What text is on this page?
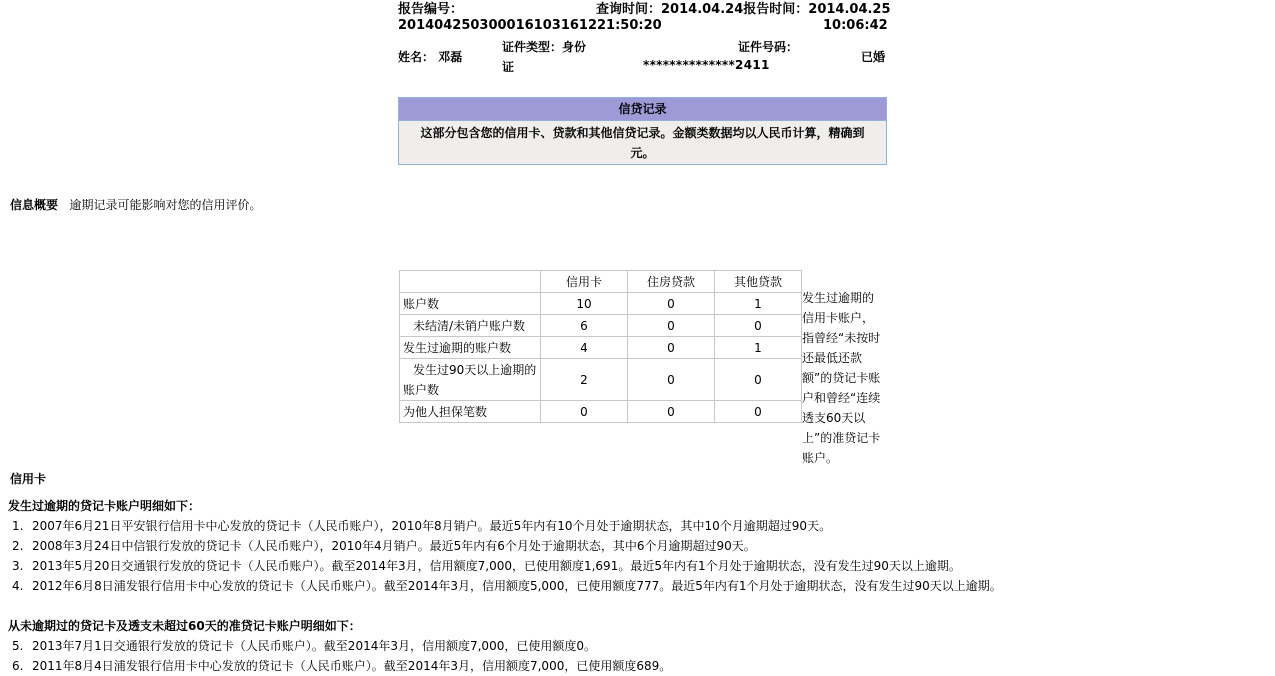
报告编号：	查询时间：2014.04.24报告时间：2014.04.25
201404250300016103161221:50:20	10:06:42
姓名： 邓磊
证件类型：身份
证
证件号码：
**************2411
已婚
信贷记录
这部分包含您的信用卡、贷款和其他信贷记录。金额类数据均以人民币计算，精确到
元。
信息概要 逾期记录可能影响对您的信用评价。
	信用卡	住房贷款	其他贷款
账户数	10	0	1
未结清/未销户账户数	6	0	0
发生过逾期的账户数	4	0	1

发生过90天以上逾期的
账户数	2	0	0
为他人担保笔数	0	0	0
发生过逾期的信用卡账户，指曾经“未按时还最低还款额”的贷记卡账户和曾经“连续透支60天以上”的准贷记卡账户。
信用卡
发生过逾期的贷记卡账户明细如下：
1. 2007年6月21日平安银行信用卡中心发放的贷记卡（人民币账户），2010年8月销户。最近5年内有10个月处于逾期状态，其中10个月逾期超过90天。
2. 2008年3月24日中信银行发放的贷记卡（人民币账户），2010年4月销户。最近5年内有6个月处于逾期状态，其中6个月逾期超过90天。
3. 2013年5月20日交通银行发放的贷记卡（人民币账户）。截至2014年3月，信用额度7,000，已使用额度1,691。最近5年内有1个月处于逾期状态，没有发生过90天以上逾期。
4. 2012年6月8日浦发银行信用卡中心发放的贷记卡（人民币账户）。截至2014年3月，信用额度5,000，已使用额度777。最近5年内有1个月处于逾期状态，没有发生过90天以上逾期。
从未逾期过的贷记卡及透支未超过60天的准贷记卡账户明细如下：
5. 2013年7月1日交通银行发放的贷记卡（人民币账户）。截至2014年3月，信用额度7,000，已使用额度0。
6. 2011年8月4日浦发银行信用卡中心发放的贷记卡（人民币账户）。截至2014年3月，信用额度7,000，已使用额度689。
